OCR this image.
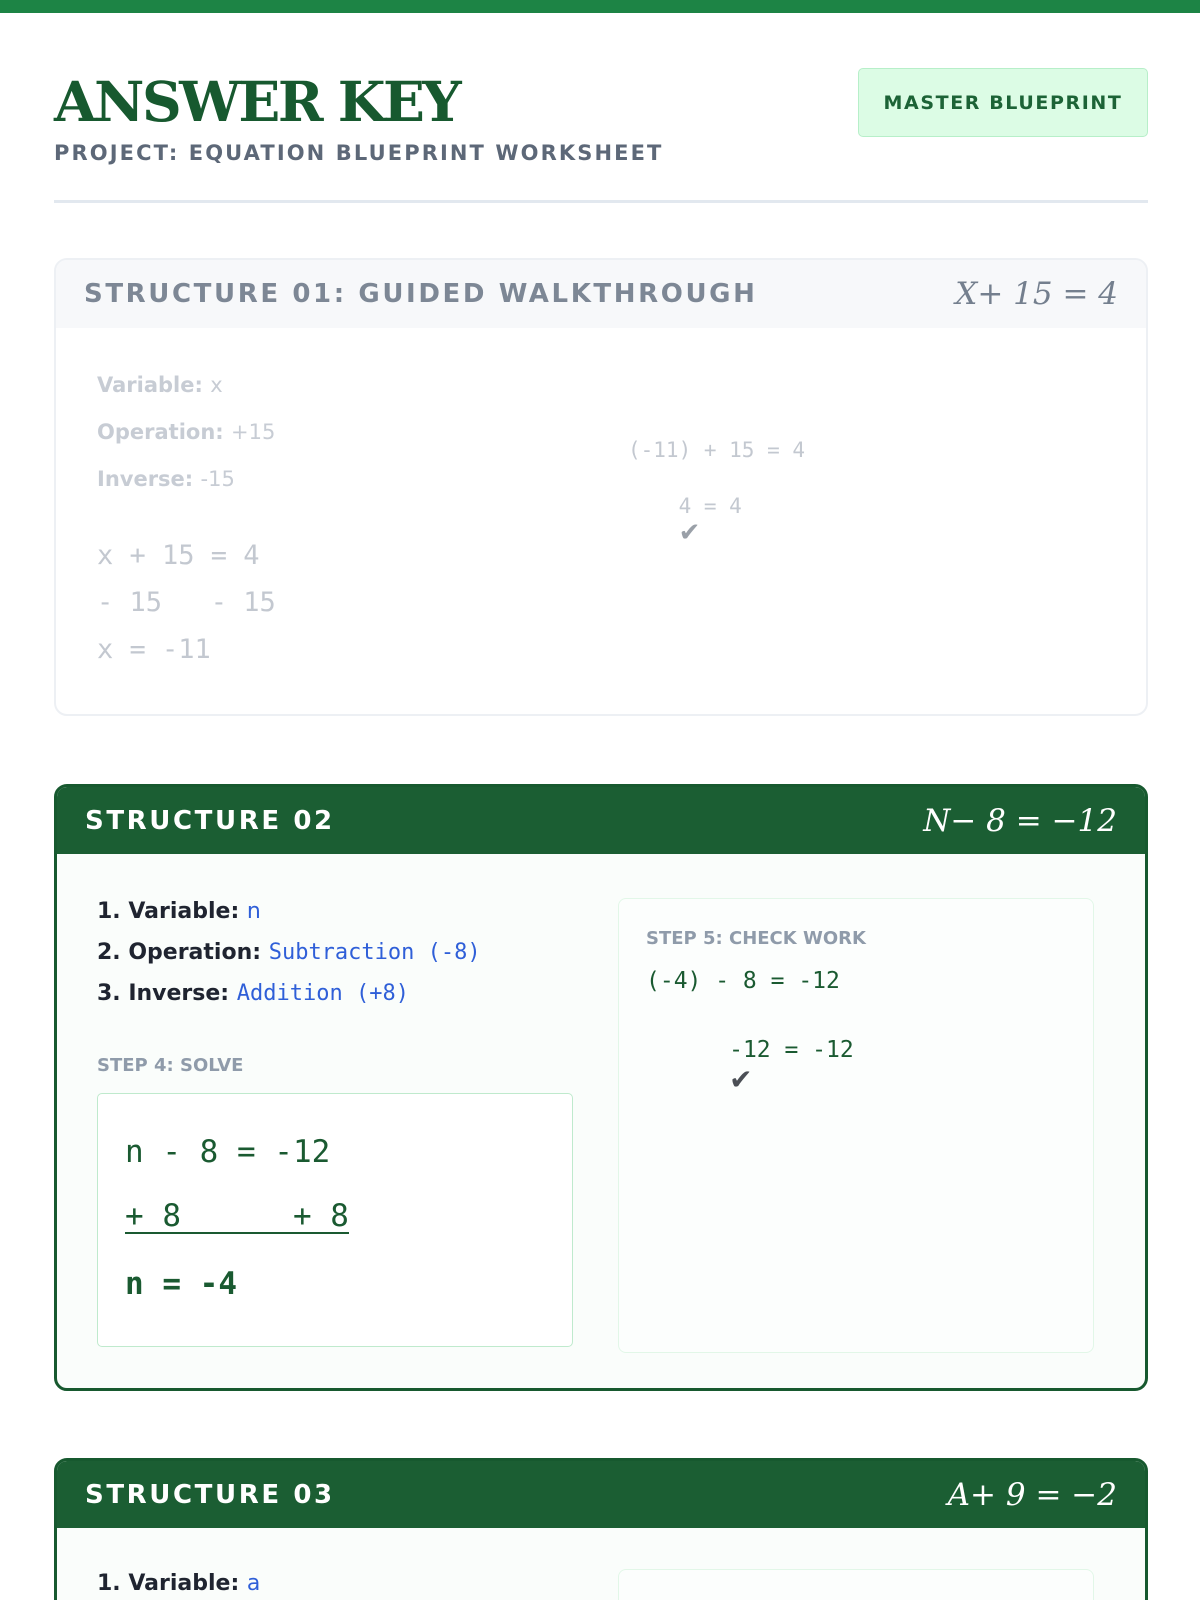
ANSWER KEY
PROJECT: EQUATION BLUEPRINT WORKSHEET
MASTER BLUEPRINT
STRUCTURE 01: GUIDED WALKTHROUGH	X+ 15 = 4
Variable: x
Operation: +15
Inverse: -15
x + 15 = 4
- 15   - 15
x = -11
(-11) + 15 = 4

4 = 4
✔

STRUCTURE 02	N− 8 = −12
1. Variable: n
2. Operation: Subtraction (-8)
3. Inverse: Addition (+8)
STEP 4: SOLVE
n - 8 = -12
+ 8      + 8
n = -4
STEP 5: CHECK WORK
(-4) - 8 = -12

-12 = -12
✔

STRUCTURE 03	A+ 9 = −2
1. Variable: a
